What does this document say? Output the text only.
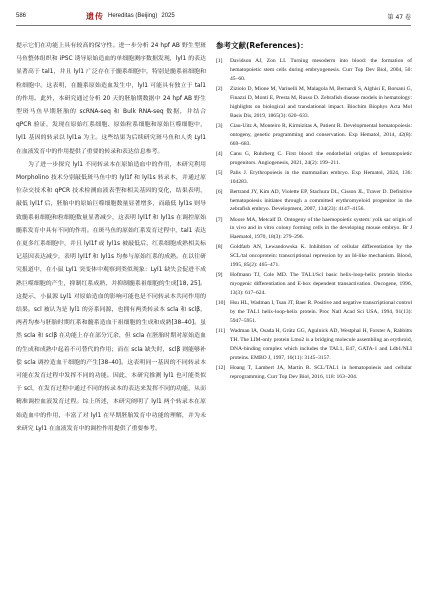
586	遗传 Hereditas (Beijing) 2025	第 47 卷

提示它们在功能上具有较高的保守性。进一步分析 24 hpf AB 野生型斑马鱼整体组织和 iPSC 诱导原始造血的单细胞测序数据发现，lyl1 的表达显著高于 tal1，并且 lyl1 广泛存在于髓系细胞中，特别是髓系祖细胞和粒细胞中。这表明，在髓系原始造血发生中，lyl1 可能具有独立于 tal1 的作用。此外，本研究通过分析 20 天的胚胎期数据中 24 hpf AB 野生型斑马鱼早期胚胎的 scRNA-seq 和 Bulk RNA-seq 数据，并结合 qPCR 验证，发现在原始红系细胞、原始粒系细胞和原始巨噬细胞中，lyl1 基因的转录以 lyl1a 为主。这些结果为后续研究斑马鱼和人类 Lyl1 在血液发育中的作用提供了重要的转录和表达信息参考。

为了进一步探究 lyl1 不同转录本在原始造血中的作用，本研究利用 Morpholino 技术分别敲低斑马鱼中的 lyl1f 和 lyl1s 转录本，并通过原位杂交技术和 qPCR 技术检测血液表型和相关基因的变化，结果表明，敲低 lyl1f 后，胚胎中的原始巨噬细胞数量显著增多，而敲低 lyl1s 则导致髓系祖细胞和粒细胞数量显著减少，这表明 lyl1f 和 lyl1s 在调控原始髓系发育中具有不同的作用。在斑马鱼的原始红系发育过程中，tal1 表达在更多红系细胞中，并且 lyl1f 或 lyl1s 被敲低后，红系细胞成熟相关标记基因表达减少，表明 lyl1f 和 lyl1s 均参与原始红系的成熟。在以往研究报道中，在小鼠 Lyl1 突变体中观察到类似现象：Lyl1 缺失会促进不成熟巨噬细胞的产生，抑制红系成熟，并抑制髓系祖细胞的生成[18, 25]。这提示，小鼠源 Lyl1 对原始造血的影响可能也是不同转录本共同作用的结果。scl 被认为是 lyl1 的旁系同源，也拥有两类转录本 scla 和 sclβ，两者均参与胚胎时期红系和髓系造血干祖细胞的生成和成熟[38–40]。虽然 scla 和 sclβ 在功能上存在部分冗余，但 scla 在胚胎时期对原始造血的生成和成熟中起着不可替代的作用；而在 scla 缺失时，sclβ 则能够补偿 scla 调控造血干细胞的产生[38–40]。这表明同一基因的不同转录本可能在发育过程中发挥不同的功能。因此，本研究推测 lyl1 也可能类似于 scl，在发育过程中通过不同的转录本的表达来发挥不同的功能，从而精准调控血液发育过程。综上所述，本研究阐明了 lyl1 两个转录本在原始造血中的作用，丰富了对 lyl1 在早期胚胎发育中功能的理解，并为未来研究 Lyl1 在血液发育中的调控作用提供了重要参考。

参考文献(References)：
[1]	Davidson AJ, Zon LI. Turning mesoderm into blood: the formation of hematopoietic stem cells during embryogenesis. Curr Top Dev Biol, 2004, 50: 45–60.
[2]	Ziziolo D, Mione M, Varinelli M, Malagola M, Bernardi S, Alghisi E, Borsani G, Finazzi D, Monti E, Presta M, Russo D. Zebrafish disease models in hematology: highlights on biological and translational impact. Biochim Biophys Acta Mol Basis Dis, 2019, 1865(3): 620–633.
[3]	Ciau-Uitz A, Monteiro R, Kirmizitas A, Patient R. Developmental hematopoiesis: ontogeny, genetic programming and conservation. Exp Hematol, 2014, 42(8): 669–683.
[4]	Canu G, Ruhrberg C. First blood: the endothelial origins of hematopoietic progenitors. Angiogenesis, 2021, 24(2): 199–211.
[5]	Palis J. Erythropoiesis in the mammalian embryo. Exp Hematol, 2024, 136: 104283.
[6]	Bertrand JY, Kim AD, Violette EP, Stachura DL, Cisson JL, Traver D. Definitive hematopoiesis initiates through a committed erythromyeloid progenitor in the zebrafish embryo. Development, 2007, 134(23): 4147–4156.
[7]	Moore MA, Metcalf D. Ontogeny of the haemopoietic system: yolk sac origin of in vivo and in vitro colony forming cells in the developing mouse embryo. Br J Haematol, 1970, 18(3): 279–296.
[8]	Goldfarb AN, Lewandowska K. Inhibition of cellular differentiation by the SCL/tal oncoprotein: transcriptional repression by an Id-like mechanism. Blood, 1995, 85(2): 465–471.
[9]	Hofmann TJ, Cole MD. The TAL1/Scl basic helix-loop-helix protein blocks myogenic differentiation and E-box dependent transactivation. Oncogene, 1996, 13(3): 617–624.
[10] Hsu HL, Wadman I, Tsan JT, Baer R. Positive and negative transcriptional control by the TAL1 helix-loop-helix protein. Proc Natl Acad Sci USA, 1994, 91(13): 5947–5951.
[11] Wadman IA, Osada H, Grütz GG, Agulnick AD, Westphal H, Forster A, Rabbitts TH. The LIM-only protein Lmo2 is a bridging molecule assembling an erythroid, DNA-binding complex which includes the TAL1, E47, GATA-1 and Ldb1/NLI proteins. EMBO J, 1997, 16(11): 3145–3157.
[12] Hoang T, Lambert JA, Martin R. SCL/TAL1 in hematopoiesis and cellular reprogramming. Curr Top Dev Biol, 2016, 118: 163–204.
